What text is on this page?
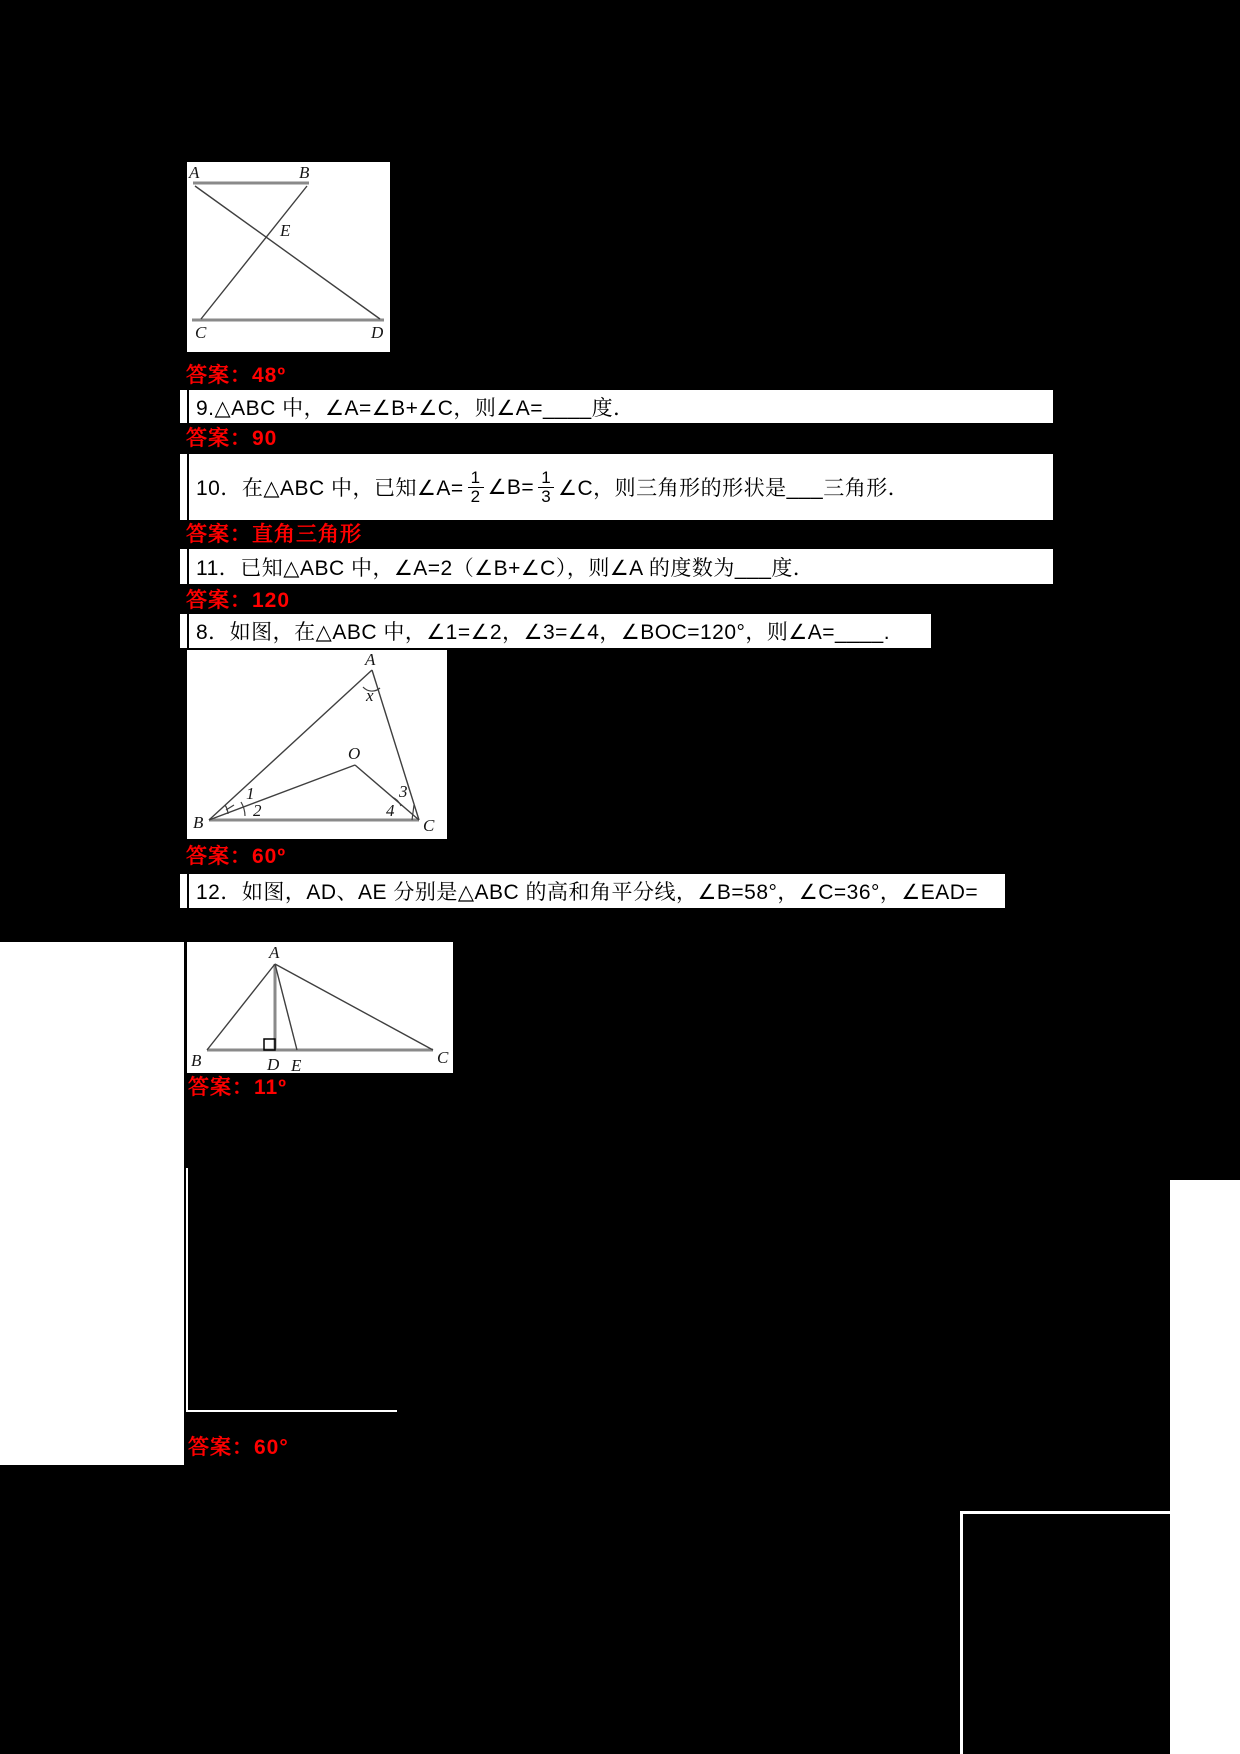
A	B
E
C	D
答案：48º
9.△ABC 中，∠A=∠B+∠C，则∠A=____度．
答案：90
10．在△ABC 中，已知∠A= $\frac{1}{2}$ ∠B= $\frac{1}{3}$ ∠C，则三角形的形状是___三角形．
答案：直角三角形
11．已知△ABC 中，∠A=2（∠B+∠C），则∠A 的度数为___度．
答案：120
8．如图，在△ABC 中，∠1=∠2，∠3=∠4，∠BOC=120°，则∠A=____.
A
x
O
1
2
3
4
B	C
答案：60º
12．如图，AD、AE 分别是△ABC 的高和角平分线，∠B=58°，∠C=36°，∠EAD=
A
B	C
D E
答案：11º
答案：60°
